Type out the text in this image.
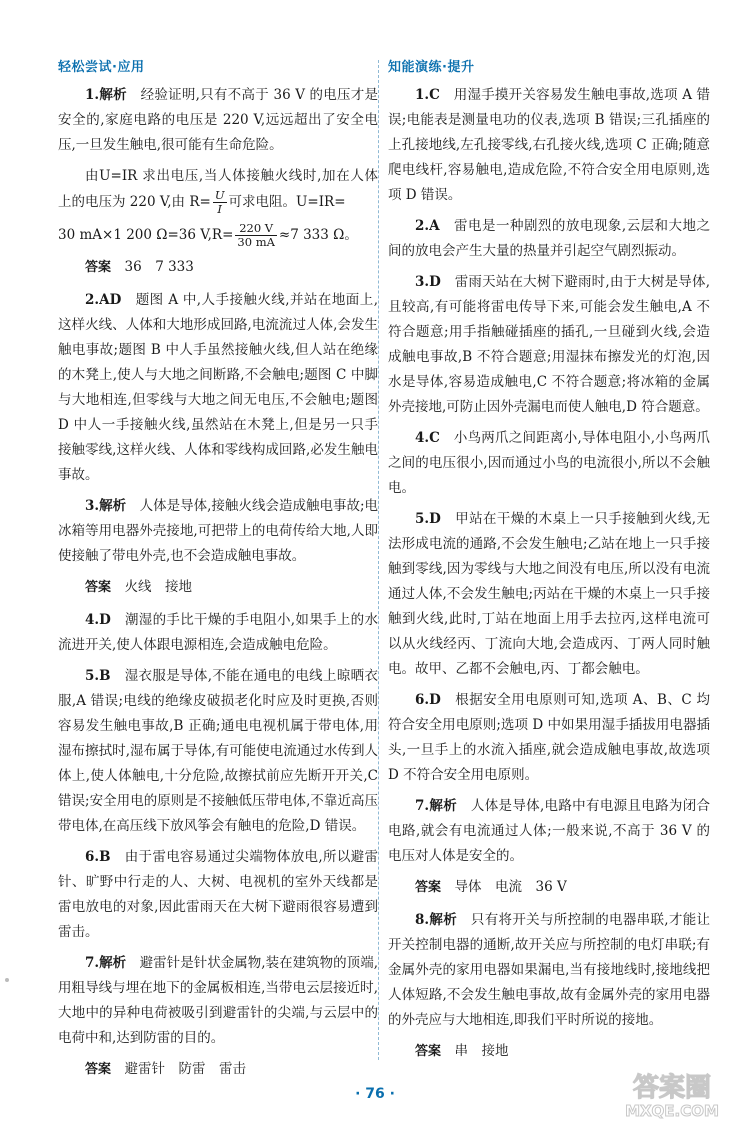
轻松尝试·应用

1.解析　 经验证明,只有不高于 36 V 的电压才是安全的,家庭电路的电压是 220 V,远远超出了安全电压,一旦发生触电,很可能有生命危险。

由U=IR 求出电压,当人体接触火线时,加在人体上的电压为 220 V,由 $R= \frac{U}{I}$ 可求电阻。U=IR=

30 mA×1 200 Ω=36 $V,R= \frac{220 V}{30 mA} \approx 7$ 333 Ω。

答案　 36　7 333

2.AD　 题图 A 中,人手接触火线,并站在地面上,这样火线、人体和大地形成回路,电流流过人体,会发生触电事故;题图 B 中人手虽然接触火线,但人站在绝缘的木凳上,使人与大地之间断路,不会触电;题图 C 中脚与大地相连,但零线与大地之间无电压,不会触电;题图 D 中人一手接触火线,虽然站在木凳上,但是另一只手接触零线,这样火线、人体和零线构成回路,必发生触电事故。

3.解析　 人体是导体,接触火线会造成触电事故;电冰箱等用电器外壳接地,可把带上的电荷传给大地,人即使接触了带电外壳,也不会造成触电事故。

答案　 火线　接地

4.D　 潮湿的手比干燥的手电阻小,如果手上的水流进开关,使人体跟电源相连,会造成触电危险。

5.B　 湿衣服是导体,不能在通电的电线上晾晒衣服,A 错误;电线的绝缘皮破损老化时应及时更换,否则容易发生触电事故,B 正确;通电电视机属于带电体,用湿布擦拭时,湿布属于导体,有可能使电流通过水传到人体上,使人体触电,十分危险,故擦拭前应先断开开关,C 错误;安全用电的原则是不接触低压带电体,不靠近高压带电体,在高压线下放风筝会有触电的危险,D 错误。

6.B　 由于雷电容易通过尖端物体放电,所以避雷针、旷野中行走的人、大树、电视机的室外天线都是雷电放电的对象,因此雷雨天在大树下避雨很容易遭到雷击。

7.解析　 避雷针是针状金属物,装在建筑物的顶端,用粗导线与埋在地下的金属板相连,当带电云层接近时,大地中的异种电荷被吸引到避雷针的尖端,与云层中的电荷中和,达到防雷的目的。

答案　 避雷针　防雷　雷击

知能演练·提升

1.C　 用湿手摸开关容易发生触电事故,选项 A 错误;电能表是测量电功的仪表,选项 B 错误;三孔插座的上孔接地线,左孔接零线,右孔接火线,选项 C 正确;随意爬电线杆,容易触电,造成危险,不符合安全用电原则,选项 D 错误。

2.A　 雷电是一种剧烈的放电现象,云层和大地之间的放电会产生大量的热量并引起空气剧烈振动。

3.D　 雷雨天站在大树下避雨时,由于大树是导体,且较高,有可能将雷电传导下来,可能会发生触电,A 不符合题意;用手指触碰插座的插孔,一旦碰到火线,会造成触电事故,B 不符合题意;用湿抹布擦发光的灯泡,因水是导体,容易造成触电,C 不符合题意;将冰箱的金属外壳接地,可防止因外壳漏电而使人触电,D 符合题意。

4.C　 小鸟两爪之间距离小,导体电阻小,小鸟两爪之间的电压很小,因而通过小鸟的电流很小,所以不会触电。

5.D　 甲站在干燥的木桌上一只手接触到火线,无法形成电流的通路,不会发生触电;乙站在地上一只手接触到零线,因为零线与大地之间没有电压,所以没有电流通过人体,不会发生触电;丙站在干燥的木桌上一只手接触到火线,此时,丁站在地面上用手去拉丙,这样电流可以从火线经丙、丁流向大地,会造成丙、丁两人同时触电。故甲、乙都不会触电,丙、丁都会触电。

6.D　 根据安全用电原则可知,选项 A、B、C 均符合安全用电原则;选项 D 中如果用湿手插拔用电器插头,一旦手上的水流入插座,就会造成触电事故,故选项 D 不符合安全用电原则。

7.解析　 人体是导体,电路中有电源且电路为闭合电路,就会有电流通过人体;一般来说,不高于 36 V 的电压对人体是安全的。

答案　 导体　电流　36 V

8.解析　 只有将开关与所控制的电器串联,才能让开关控制电器的通断,故开关应与所控制的电灯串联;有金属外壳的家用电器如果漏电,当有接地线时,接地线把人体短路,不会发生触电事故,故有金属外壳的家用电器的外壳应与大地相连,即我们平时所说的接地。

答案　 串　接地

· 76 ·	答案圈
MXQE.COM
